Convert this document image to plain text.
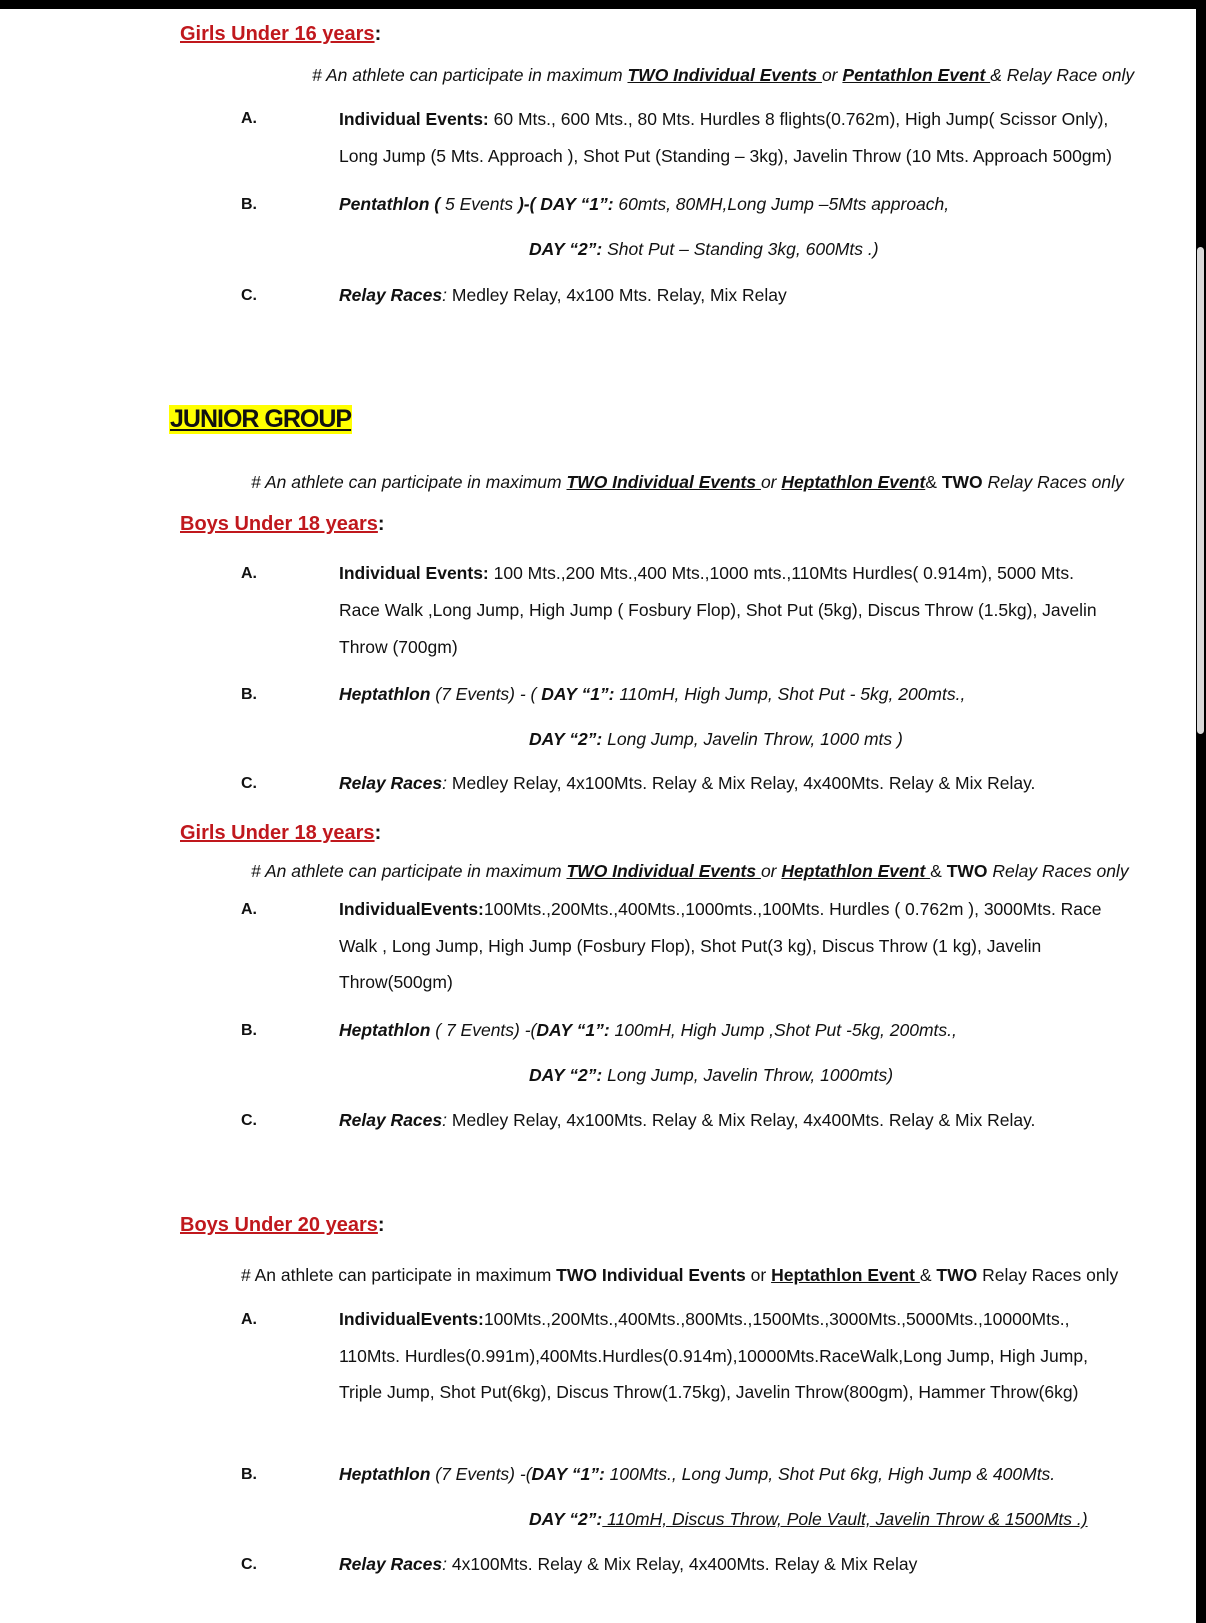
Girls Under 16 years:
# An athlete can participate in maximum TWO Individual Events or Pentathlon Event & Relay Race only
A.	Individual Events: 60 Mts., 600 Mts., 80 Mts. Hurdles 8 flights(0.762m), High Jump( Scissor Only),
Long Jump (5 Mts. Approach ), Shot Put (Standing – 3kg), Javelin Throw (10 Mts. Approach 500gm)
B.	Pentathlon ( 5 Events )-( DAY “1”: 60mts, 80MH,Long Jump –5Mts approach,
DAY “2”: Shot Put – Standing 3kg, 600Mts .)
C.	Relay Races: Medley Relay, 4x100 Mts. Relay, Mix Relay
JUNIOR GROUP
# An athlete can participate in maximum TWO Individual Events or Heptathlon Event& TWO Relay Races only
Boys Under 18 years:
A.	Individual Events: 100 Mts.,200 Mts.,400 Mts.,1000 mts.,110Mts Hurdles( 0.914m), 5000 Mts.
Race Walk ,Long Jump, High Jump ( Fosbury Flop), Shot Put (5kg), Discus Throw (1.5kg), Javelin
Throw (700gm)
B.	Heptathlon (7 Events) - ( DAY “1”: 110mH, High Jump, Shot Put - 5kg, 200mts.,
DAY “2”: Long Jump, Javelin Throw, 1000 mts )
C.	Relay Races: Medley Relay, 4x100Mts. Relay & Mix Relay, 4x400Mts. Relay & Mix Relay.
Girls Under 18 years:
# An athlete can participate in maximum TWO Individual Events or Heptathlon Event & TWO Relay Races only
A.	IndividualEvents:100Mts.,200Mts.,400Mts.,1000mts.,100Mts. Hurdles ( 0.762m ), 3000Mts. Race
Walk , Long Jump, High Jump (Fosbury Flop), Shot Put(3 kg), Discus Throw (1 kg), Javelin
Throw(500gm)
B.	Heptathlon ( 7 Events) -(DAY “1”: 100mH, High Jump ,Shot Put -5kg, 200mts.,
DAY “2”: Long Jump, Javelin Throw, 1000mts)
C.	Relay Races: Medley Relay, 4x100Mts. Relay & Mix Relay, 4x400Mts. Relay & Mix Relay.
Boys Under 20 years:
# An athlete can participate in maximum TWO Individual Events or Heptathlon Event & TWO Relay Races only
A.	IndividualEvents:100Mts.,200Mts.,400Mts.,800Mts.,1500Mts.,3000Mts.,5000Mts.,10000Mts.,
110Mts. Hurdles(0.991m),400Mts.Hurdles(0.914m),10000Mts.RaceWalk,Long Jump, High Jump,
Triple Jump, Shot Put(6kg), Discus Throw(1.75kg), Javelin Throw(800gm), Hammer Throw(6kg)
B.	Heptathlon (7 Events) -(DAY “1”: 100Mts., Long Jump, Shot Put 6kg, High Jump & 400Mts.
DAY “2”: 110mH, Discus Throw, Pole Vault, Javelin Throw & 1500Mts .)
C.	Relay Races: 4x100Mts. Relay & Mix Relay, 4x400Mts. Relay & Mix Relay
